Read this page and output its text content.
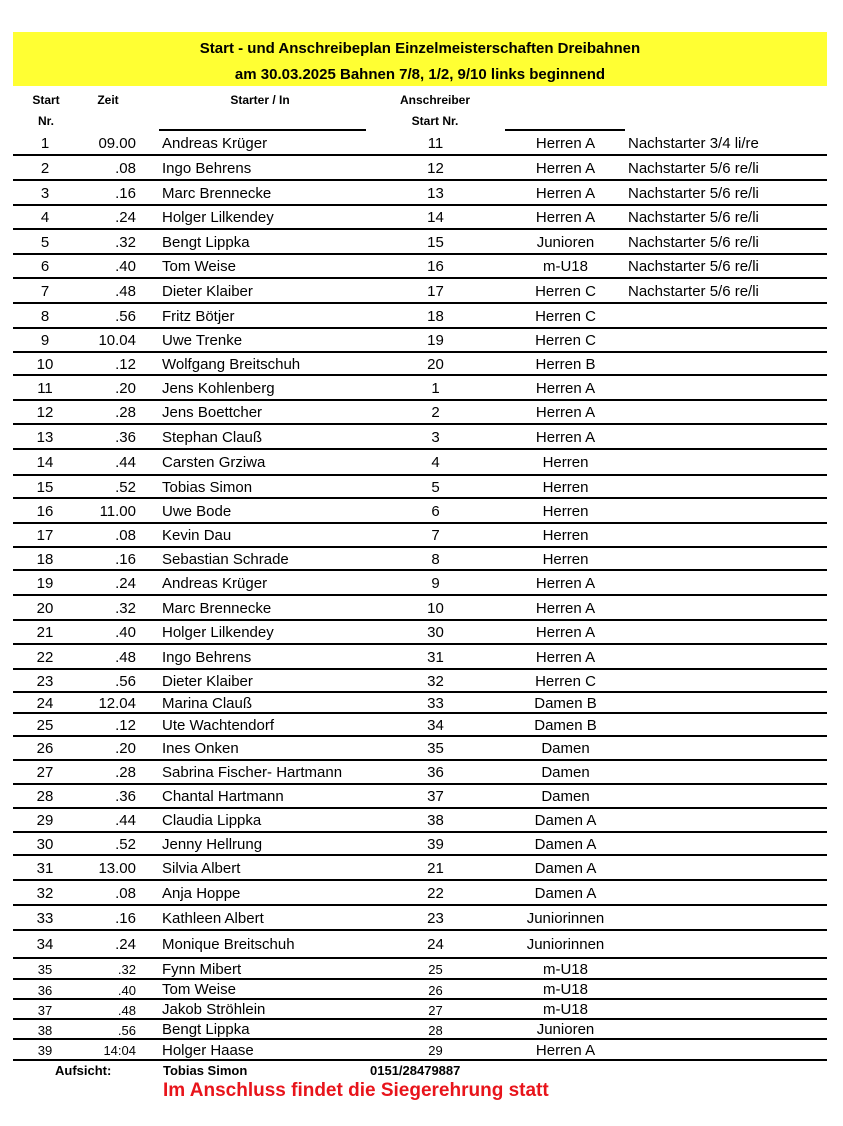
Start - und Anschreibeplan Einzelmeisterschaften Dreibahnen
am 30.03.2025 Bahnen 7/8, 1/2, 9/10 links beginnend
Start
Nr.
Zeit	Starter / In	Anschreiber
Start Nr.
1	09.00 Andreas Krüger	11	Herren A	Nachstarter 3/4 li/re
2	.08 Ingo Behrens	12	Herren A	Nachstarter 5/6 re/li
3	.16 Marc Brennecke	13	Herren A	Nachstarter 5/6 re/li
4	.24 Holger Lilkendey	14	Herren A	Nachstarter 5/6 re/li
5	.32 Bengt Lippka	15	Junioren	Nachstarter 5/6 re/li
6	.40 Tom Weise	16	m-U18	Nachstarter 5/6 re/li
7	.48 Dieter Klaiber	17	Herren C	Nachstarter 5/6 re/li
8	.56 Fritz Bötjer	18	Herren C
9	10.04 Uwe Trenke	19	Herren C
10	.12 Wolfgang Breitschuh	20	Herren B
11	.20 Jens Kohlenberg	1	Herren A
12	.28 Jens Boettcher	2	Herren A
13	.36 Stephan Clauß	3	Herren A
14	.44 Carsten Grziwa	4	Herren
15	.52 Tobias Simon	5	Herren
16	11.00 Uwe Bode	6	Herren
17	.08 Kevin Dau	7	Herren
18	.16 Sebastian Schrade	8	Herren
19	.24 Andreas Krüger	9	Herren A
20	.32 Marc Brennecke	10	Herren A
21	.40 Holger Lilkendey	30	Herren A
22	.48 Ingo Behrens	31	Herren A
23	.56 Dieter Klaiber	32	Herren C
24	12.04 Marina Clauß	33	Damen B
25	.12 Ute Wachtendorf	34	Damen B
26	.20 Ines Onken	35	Damen
27	.28 Sabrina Fischer- Hartmann	36	Damen
28	.36 Chantal Hartmann	37	Damen
29	.44 Claudia Lippka	38	Damen A
30	.52 Jenny Hellrung	39	Damen A
31	13.00 Silvia Albert	21	Damen A
32	.08 Anja Hoppe	22	Damen A
33	.16 Kathleen Albert	23	Juniorinnen
34	.24 Monique Breitschuh	24	Juniorinnen
35	.32 Fynn Mibert	25	m-U18
36	.40 Tom Weise	26	m-U18
37	.48 Jakob Ströhlein	27	m-U18
38	.56 Bengt Lippka	28	Junioren
39	14:04 Holger Haase	29	Herren A
Aufsicht:	Tobias Simon	0151/28479887
Im Anschluss findet die Siegerehrung statt
